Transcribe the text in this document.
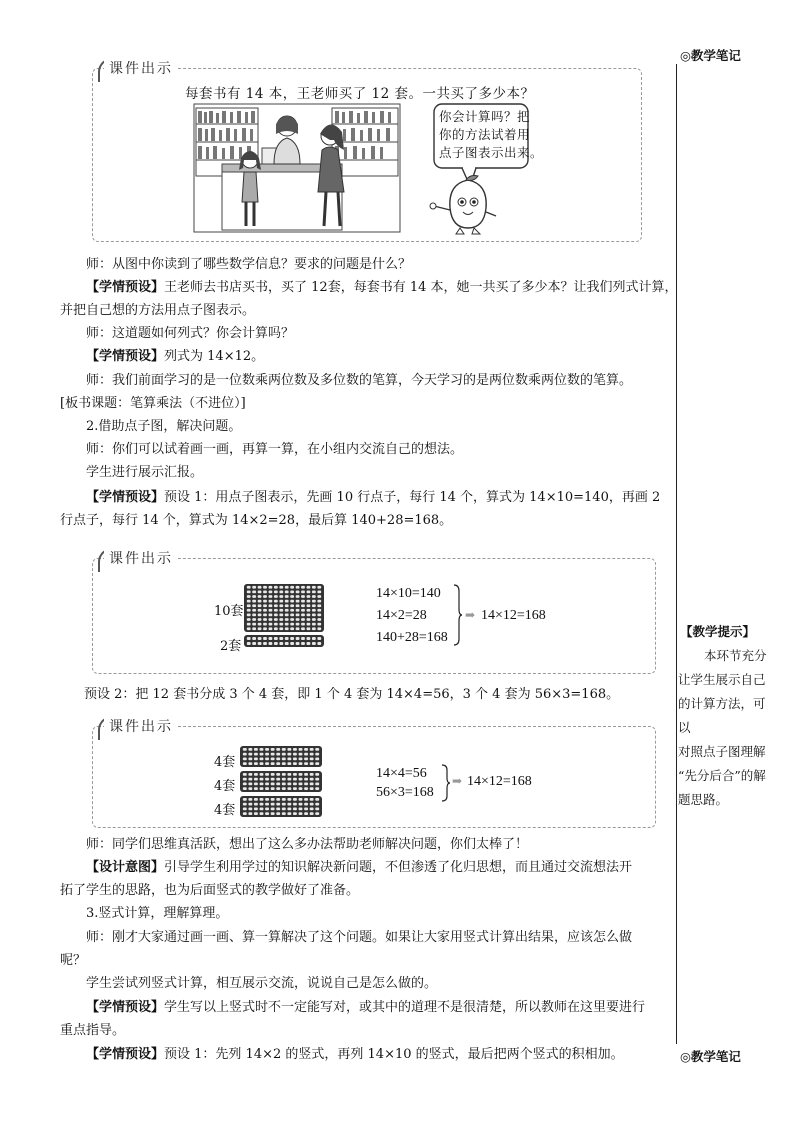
◎教学笔记
【教学提示】
本环节充分
让学生展示自己
的计算方法，可以
对照点子图理解
“先分后合”的解
题思路。
◎教学笔记
课件出示
每套书有 14 本，王老师买了 12 套。一共买了多少本？
你会计算吗？把
你的方法试着用
点子图表示出来。
师：从图中你读到了哪些数学信息？要求的问题是什么？
【学情预设】王老师去书店买书，买了 12套，每套书有 14 本，她一共买了多少本？让我们列式计算，
并把自己想的方法用点子图表示。
师：这道题如何列式？你会计算吗？
【学情预设】列式为 14×12。
师：我们前面学习的是一位数乘两位数及多位数的笔算，今天学习的是两位数乘两位数的笔算。
[板书课题：笔算乘法（不进位）]
2.借助点子图，解决问题。
师：你们可以试着画一画，再算一算，在小组内交流自己的想法。
学生进行展示汇报。
【学情预设】预设 1：用点子图表示，先画 10 行点子，每行 14 个，算式为 14×10=140，再画 2
行点子，每行 14 个，算式为 14×2=28，最后算 140+28=168。
课件出示
10套
2套
14×10=140
14×2=28
140+28=168
➡ 14×12=168
预设 2：把 12 套书分成 3 个 4 套，即 1 个 4 套为 14×4=56，3 个 4 套为 56×3=168。
课件出示
4套
4套
4套
14×4=56
56×3=168
➡ 14×12=168
师：同学们思维真活跃，想出了这么多办法帮助老师解决问题，你们太棒了！
【设计意图】引导学生利用学过的知识解决新问题，不但渗透了化归思想，而且通过交流想法开
拓了学生的思路，也为后面竖式的教学做好了准备。
3.竖式计算，理解算理。
师：刚才大家通过画一画、算一算解决了这个问题。如果让大家用竖式计算出结果，应该怎么做
呢？
学生尝试列竖式计算，相互展示交流，说说自己是怎么做的。
【学情预设】学生写以上竖式时不一定能写对，或其中的道理不是很清楚，所以教师在这里要进行
重点指导。
【学情预设】预设 1：先列 14×2 的竖式，再列 14×10 的竖式，最后把两个竖式的积相加。
